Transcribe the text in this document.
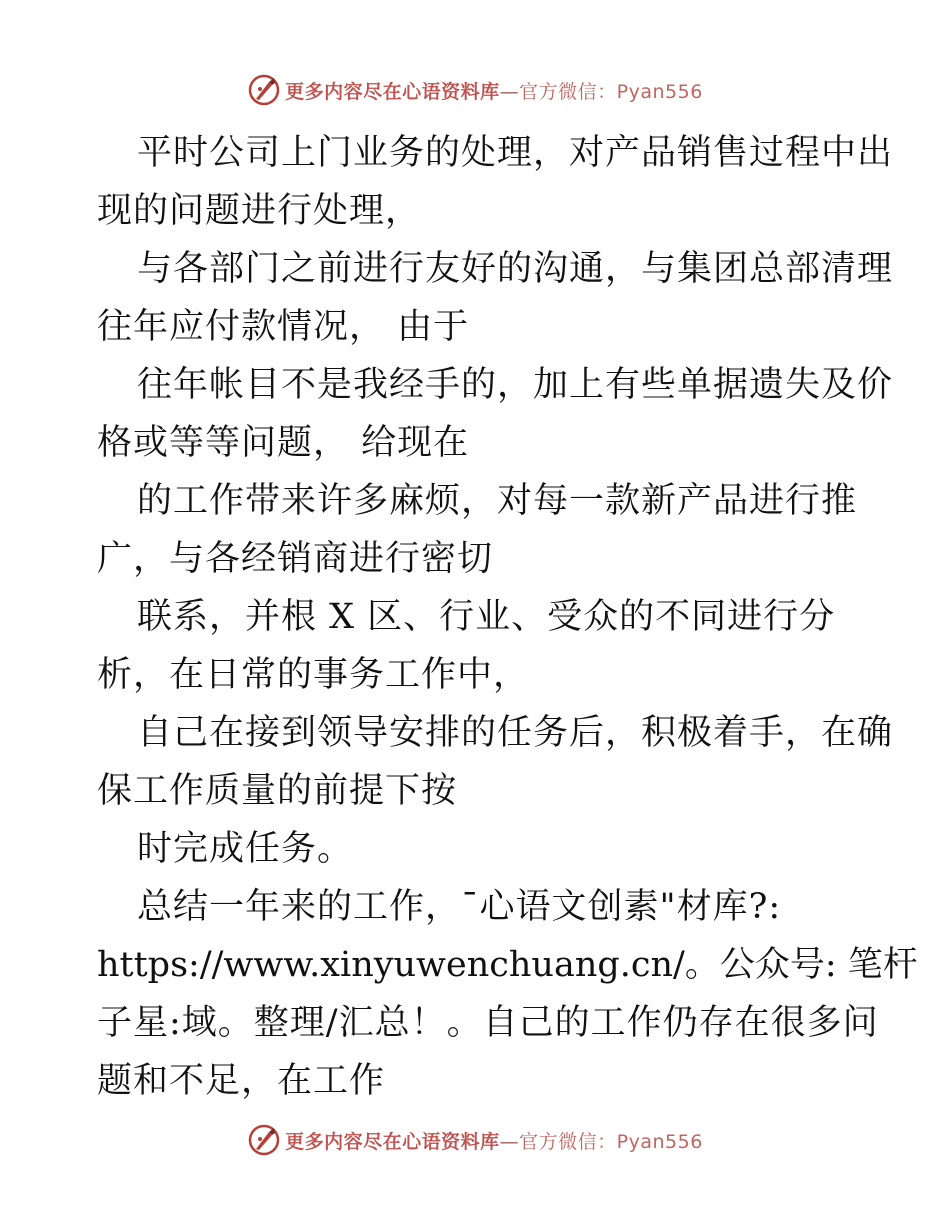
更多内容尽在心语资料库—官方微信：Pyan556
平时公司上门业务的处理，对产品销售过程中出
现的问题进行处理，
与各部门之前进行友好的沟通，与集团总部清理
往年应付款情况， 由于
往年帐目不是我经手的，加上有些单据遗失及价
格或等等问题， 给现在
的工作带来许多麻烦，对每一款新产品进行推
广，与各经销商进行密切
联系，并根 X 区、行业、受众的不同进行分
析，在日常的事务工作中，
自己在接到领导安排的任务后，积极着手，在确
保工作质量的前提下按
时完成任务。
总结一年来的工作，¯心语文创素"材库?:
https://www.xinyuwenchuang.cn/。公众号: 笔杆
子星:域。整理/汇总！。自己的工作仍存在很多问
题和不足，在工作
更多内容尽在心语资料库—官方微信：Pyan556
